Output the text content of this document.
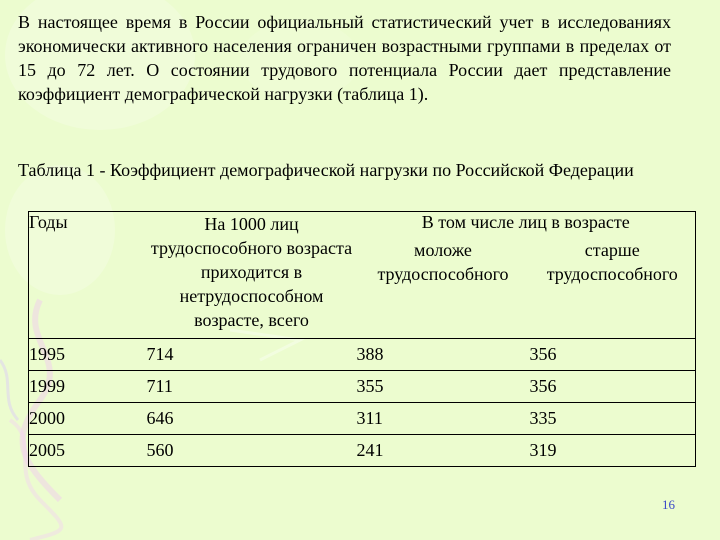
В настоящее время в России официальный статистический учет в исследованиях экономически активного населения ограничен возрастными группами в пределах от 15 до 72 лет. О состоянии трудового потенциала России дает представление коэффициент демографической нагрузки (таблица 1).

Таблица 1 - Коэффициент демографической нагрузки по Российской Федерации

Годы	На 1000 лиц трудоспособного возраста приходится в нетрудоспособном возрасте, всего	В том числе лиц в возрасте	
		моложе трудоспособного	старше трудоспособного
1995	714	388	356
1999	711	355	356
2000	646	311	335
2005	560	241	319
16
